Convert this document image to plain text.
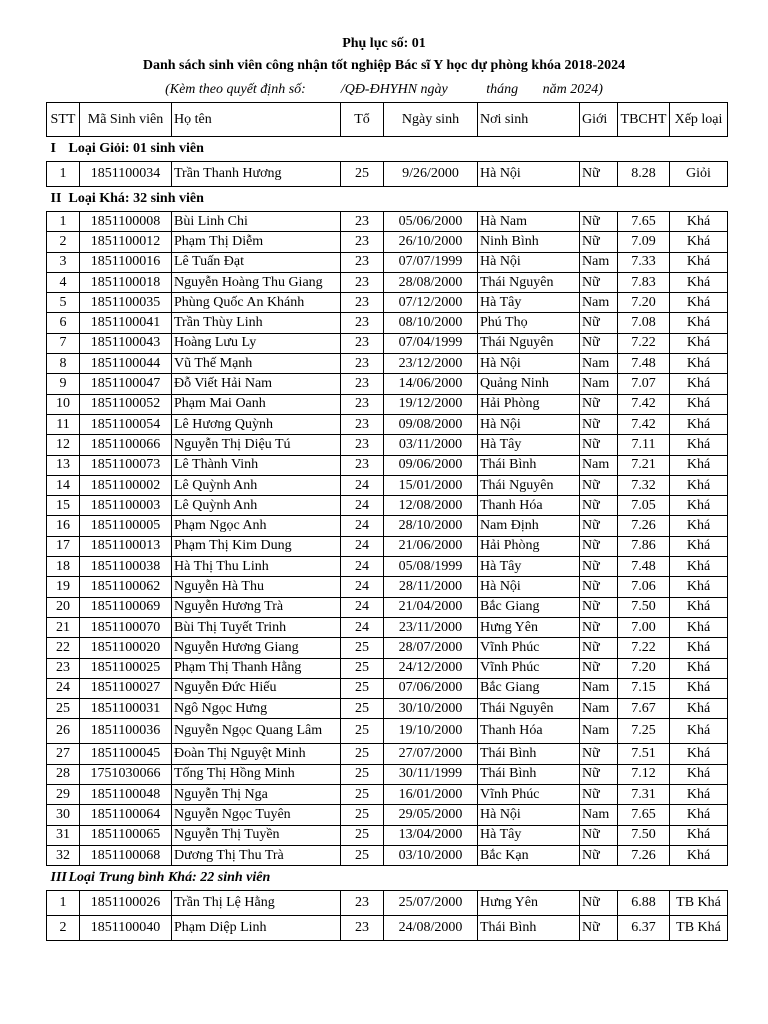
Phụ lục số: 01
Danh sách sinh viên công nhận tốt nghiệp Bác sĩ Y học dự phòng khóa 2018-2024
(Kèm theo quyết định số:	/QĐ-ĐHYHN ngày	tháng năm 2024)
STT	Mã Sinh viên	Họ tên	Tổ	Ngày sinh	Nơi sinh	Giới	TBCHT	Xếp loại
I Loại Giỏi: 01 sinh viên								
1	1851100034	Trần Thanh Hương	25	9/26/2000	Hà Nội	Nữ	8.28	Giỏi
II Loại Khá: 32 sinh viên								
1	1851100008	Bùi Linh Chi	23	05/06/2000	Hà Nam	Nữ	7.65	Khá
2	1851100012	Phạm Thị Diễm	23	26/10/2000	Ninh Bình	Nữ	7.09	Khá
3	1851100016	Lê Tuấn Đạt	23	07/07/1999	Hà Nội	Nam	7.33	Khá
4	1851100018	Nguyễn Hoàng Thu Giang	23	28/08/2000	Thái Nguyên	Nữ	7.83	Khá
5	1851100035	Phùng Quốc An Khánh	23	07/12/2000	Hà Tây	Nam	7.20	Khá
6	1851100041	Trần Thùy Linh	23	08/10/2000	Phú Thọ	Nữ	7.08	Khá
7	1851100043	Hoàng Lưu Ly	23	07/04/1999	Thái Nguyên	Nữ	7.22	Khá
8	1851100044	Vũ Thế Mạnh	23	23/12/2000	Hà Nội	Nam	7.48	Khá
9	1851100047	Đỗ Viết Hải Nam	23	14/06/2000	Quảng Ninh	Nam	7.07	Khá
10	1851100052	Phạm Mai Oanh	23	19/12/2000	Hải Phòng	Nữ	7.42	Khá
11	1851100054	Lê Hương Quỳnh	23	09/08/2000	Hà Nội	Nữ	7.42	Khá
12	1851100066	Nguyễn Thị Diệu Tú	23	03/11/2000	Hà Tây	Nữ	7.11	Khá
13	1851100073	Lê Thành Vinh	23	09/06/2000	Thái Bình	Nam	7.21	Khá
14	1851100002	Lê Quỳnh Anh	24	15/01/2000	Thái Nguyên	Nữ	7.32	Khá
15	1851100003	Lê Quỳnh Anh	24	12/08/2000	Thanh Hóa	Nữ	7.05	Khá
16	1851100005	Phạm Ngọc Anh	24	28/10/2000	Nam Định	Nữ	7.26	Khá
17	1851100013	Phạm Thị Kim Dung	24	21/06/2000	Hải Phòng	Nữ	7.86	Khá
18	1851100038	Hà Thị Thu Linh	24	05/08/1999	Hà Tây	Nữ	7.48	Khá
19	1851100062	Nguyễn Hà Thu	24	28/11/2000	Hà Nội	Nữ	7.06	Khá
20	1851100069	Nguyễn Hương Trà	24	21/04/2000	Bắc Giang	Nữ	7.50	Khá
21	1851100070	Bùi Thị Tuyết Trinh	24	23/11/2000	Hưng Yên	Nữ	7.00	Khá
22	1851100020	Nguyễn Hương Giang	25	28/07/2000	Vĩnh Phúc	Nữ	7.22	Khá
23	1851100025	Phạm Thị Thanh Hằng	25	24/12/2000	Vĩnh Phúc	Nữ	7.20	Khá
24	1851100027	Nguyễn Đức Hiếu	25	07/06/2000	Bắc Giang	Nam	7.15	Khá
25	1851100031	Ngô Ngọc Hưng	25	30/10/2000	Thái Nguyên	Nam	7.67	Khá
26	1851100036	Nguyễn Ngọc Quang Lâm	25	19/10/2000	Thanh Hóa	Nam	7.25	Khá
27	1851100045	Đoàn Thị Nguyệt Minh	25	27/07/2000	Thái Bình	Nữ	7.51	Khá
28	1751030066	Tống Thị Hồng Minh	25	30/11/1999	Thái Bình	Nữ	7.12	Khá
29	1851100048	Nguyễn Thị Nga	25	16/01/2000	Vĩnh Phúc	Nữ	7.31	Khá
30	1851100064	Nguyễn Ngọc Tuyên	25	29/05/2000	Hà Nội	Nam	7.65	Khá
31	1851100065	Nguyễn Thị Tuyền	25	13/04/2000	Hà Tây	Nữ	7.50	Khá
32	1851100068	Dương Thị Thu Trà	25	03/10/2000	Bắc Kạn	Nữ	7.26	Khá
III Loại Trung bình Khá: 22 sinh viên								
1	1851100026	Trần Thị Lệ Hằng	23	25/07/2000	Hưng Yên	Nữ	6.88	TB Khá
2	1851100040	Phạm Diệp Linh	23	24/08/2000	Thái Bình	Nữ	6.37	TB Khá
